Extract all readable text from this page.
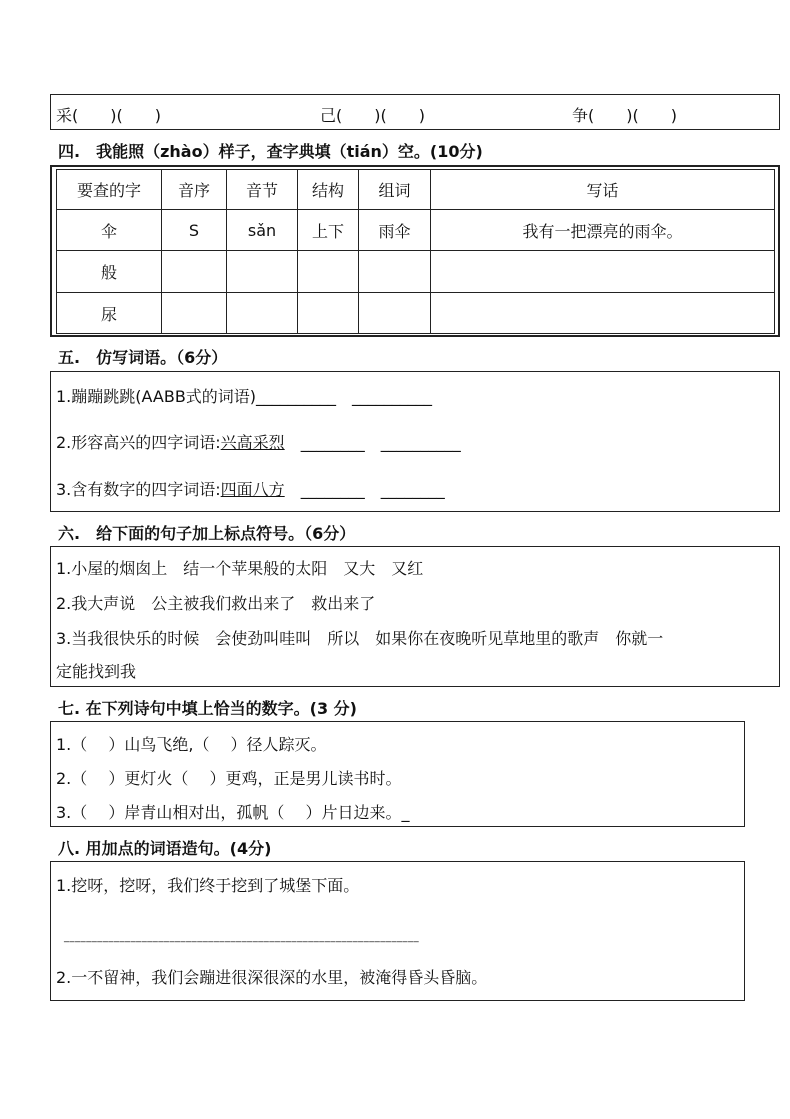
采(　　)(　　)	己(　　)(　　)	争(　　)(　　)
四.　我能照（zhào）样子，查字典填（tián）空。(10分)
要查的字	音序	音节	结构	组词	写话
伞	S	sǎn	上下	雨伞	我有一把漂亮的雨伞。
般					
尿					
五.　仿写词语。（6分）
1.蹦蹦跳跳(AABB式的词语)__________　__________
2.形容高兴的四字词语:兴高采烈　________　__________
3.含有数字的四字词语:四面八方　________　________
六.　给下面的句子加上标点符号。（6分）
1.小屋的烟囱上　结一个苹果般的太阳　又大　又红
2.我大声说　公主被我们救出来了　救出来了
3.当我很快乐的时候　会使劲叫哇叫　所以　如果你在夜晚听见草地里的歌声　你就一
定能找到我
七. 在下列诗句中填上恰当的数字。(3 分)
1.（　 ）山鸟飞绝,（　 ）径人踪灭。
2.（　 ）更灯火（　 ）更鸡，正是男儿读书时。
3.（　 ）岸青山相对出，孤帆（　 ）片日边来。_
八. 用加点的词语造句。(4分)
1.挖呀，挖呀，我们终于挖到了城堡下面。
________________________________________________________________
2.一不留神，我们会蹦进很深很深的水里，被淹得昏头昏脑。
